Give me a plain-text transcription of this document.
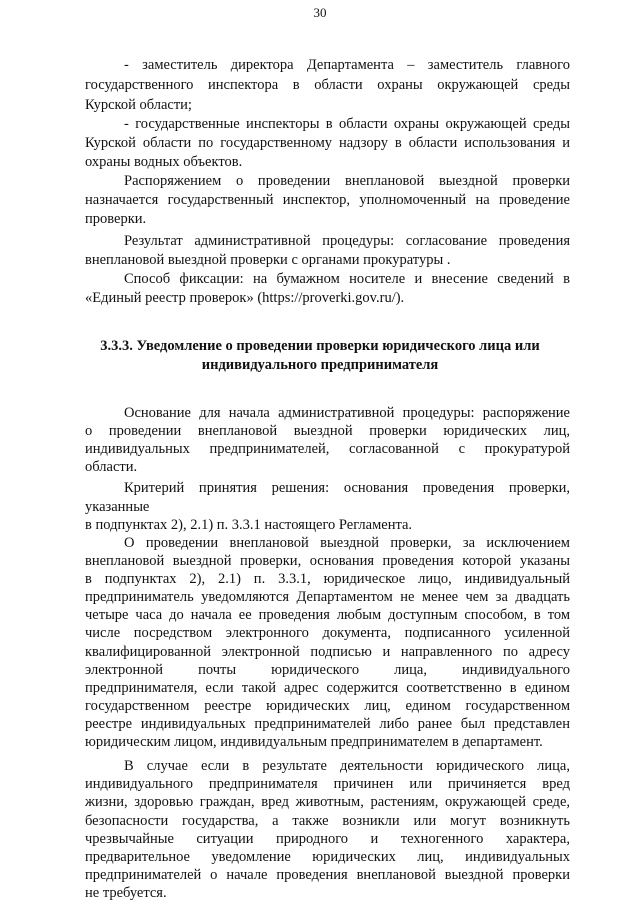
30
- заместитель директора Департамента – заместитель главного
государственного инспектора в области охраны окружающей среды
Курской области;
- государственные инспекторы в области охраны окружающей среды
Курской области по государственному надзору в области использования и
охраны водных объектов.
Распоряжением о проведении внеплановой выездной проверки
назначается государственный инспектор, уполномоченный на проведение
проверки.
Результат административной процедуры: согласование проведения
внеплановой выездной проверки с органами прокуратуры .
Способ фиксации: на бумажном носителе и внесение сведений в
«Единый реестр проверок» (https://proverki.gov.ru/).
3.3.3. Уведомление о проведении проверки юридического лица или
индивидуального предпринимателя
Основание для начала административной процедуры: распоряжение
о проведении внеплановой выездной проверки юридических лиц,
индивидуальных предпринимателей, согласованной с прокуратурой
области.
Критерий принятия решения: основания проведения проверки,
указанные
в подпунктах 2), 2.1) п. 3.3.1 настоящего Регламента.
О проведении внеплановой выездной проверки, за исключением
внеплановой выездной проверки, основания проведения которой указаны
в подпунктах 2), 2.1) п. 3.3.1, юридическое лицо, индивидуальный
предприниматель уведомляются Департаментом не менее чем за двадцать
четыре часа до начала ее проведения любым доступным способом, в том
числе посредством электронного документа, подписанного усиленной
квалифицированной электронной подписью и направленного по адресу
электронной почты юридического лица, индивидуального
предпринимателя, если такой адрес содержится соответственно в едином
государственном реестре юридических лиц, едином государственном
реестре индивидуальных предпринимателей либо ранее был представлен
юридическим лицом, индивидуальным предпринимателем в департамент.
В случае если в результате деятельности юридического лица,
индивидуального предпринимателя причинен или причиняется вред
жизни, здоровью граждан, вред животным, растениям, окружающей среде,
безопасности государства, а также возникли или могут возникнуть
чрезвычайные ситуации природного и техногенного характера,
предварительное уведомление юридических лиц, индивидуальных
предпринимателей о начале проведения внеплановой выездной проверки
не требуется.
